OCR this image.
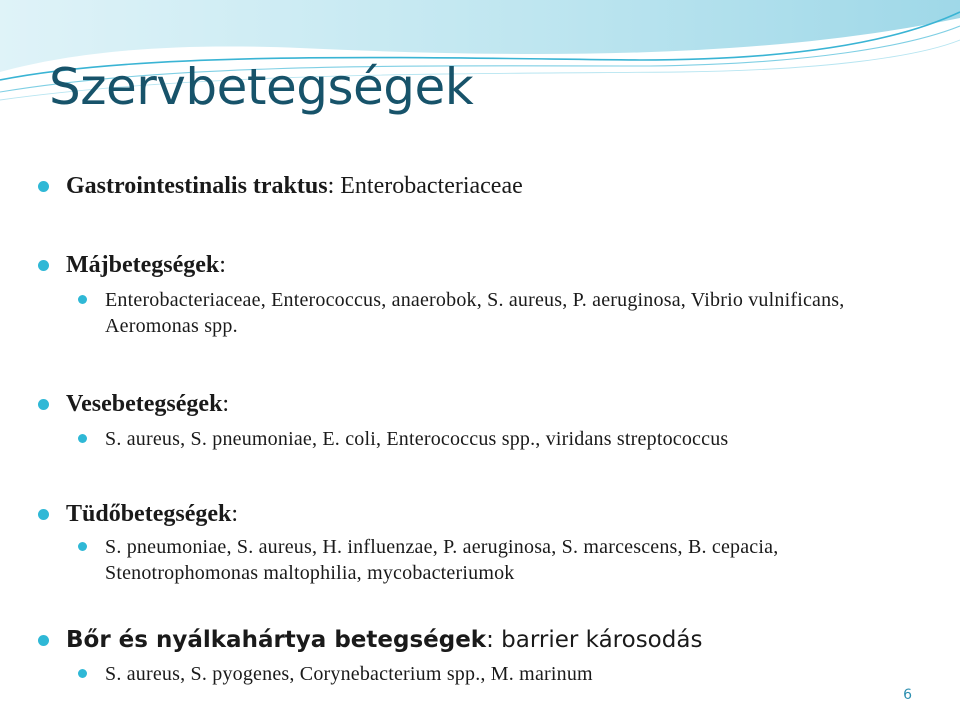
Szervbetegségek
Gastrointestinalis traktus: Enterobacteriaceae
Májbetegségek:
Enterobacteriaceae, Enterococcus, anaerobok, S. aureus, P. aeruginosa, Vibrio vulnificans, Aeromonas spp.
Vesebetegségek:
S. aureus, S. pneumoniae, E. coli, Enterococcus spp., viridans streptococcus
Tüdőbetegségek:
S. pneumoniae, S. aureus, H. influenzae, P. aeruginosa, S. marcescens, B. cepacia, Stenotrophomonas maltophilia, mycobacteriumok
Bőr és nyálkahártya betegségek: barrier károsodás
S. aureus, S. pyogenes, Corynebacterium spp., M. marinum
6
